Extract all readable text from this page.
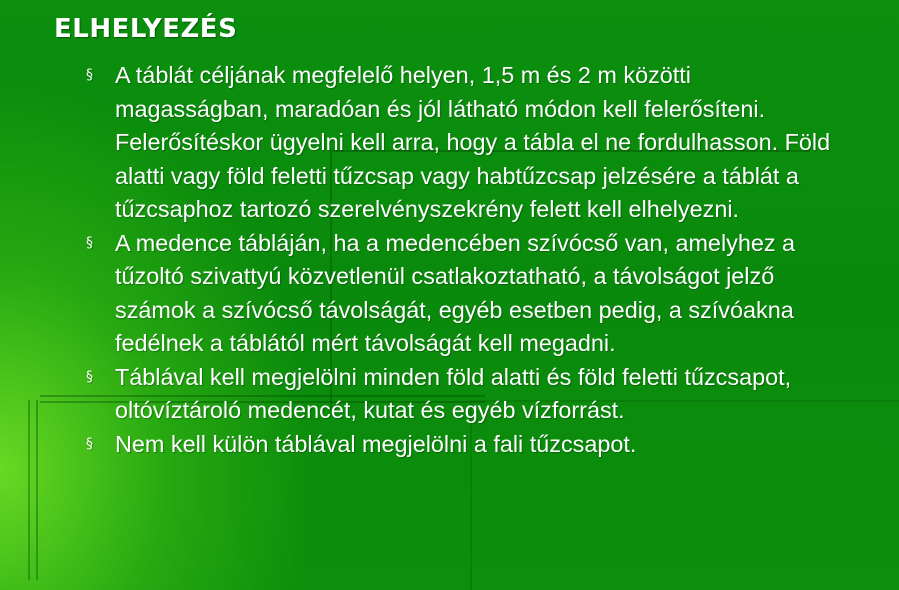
ELHELYEZÉS
§ A táblát céljának megfelelő helyen, 1,5 m és 2 m közötti magasságban, maradóan és jól látható módon kell felerősíteni. Felerősítéskor ügyelni kell arra, hogy a tábla el ne fordulhasson. Föld alatti vagy föld feletti tűzcsap vagy habtűzcsap jelzésére a táblát a tűzcsaphoz tartozó szerelvényszekrény felett kell elhelyezni.
§ A medence tábláján, ha a medencében szívócső van, amelyhez a tűzoltó szivattyú közvetlenül csatlakoztatható, a távolságot jelző számok a szívócső távolságát, egyéb esetben pedig, a szívóakna fedélnek a táblától mért távolságát kell megadni.
§ Táblával kell megjelölni minden föld alatti és föld feletti tűzcsapot, oltóvíztároló medencét, kutat és egyéb vízforrást.
§ Nem kell külön táblával megjelölni a fali tűzcsapot.
